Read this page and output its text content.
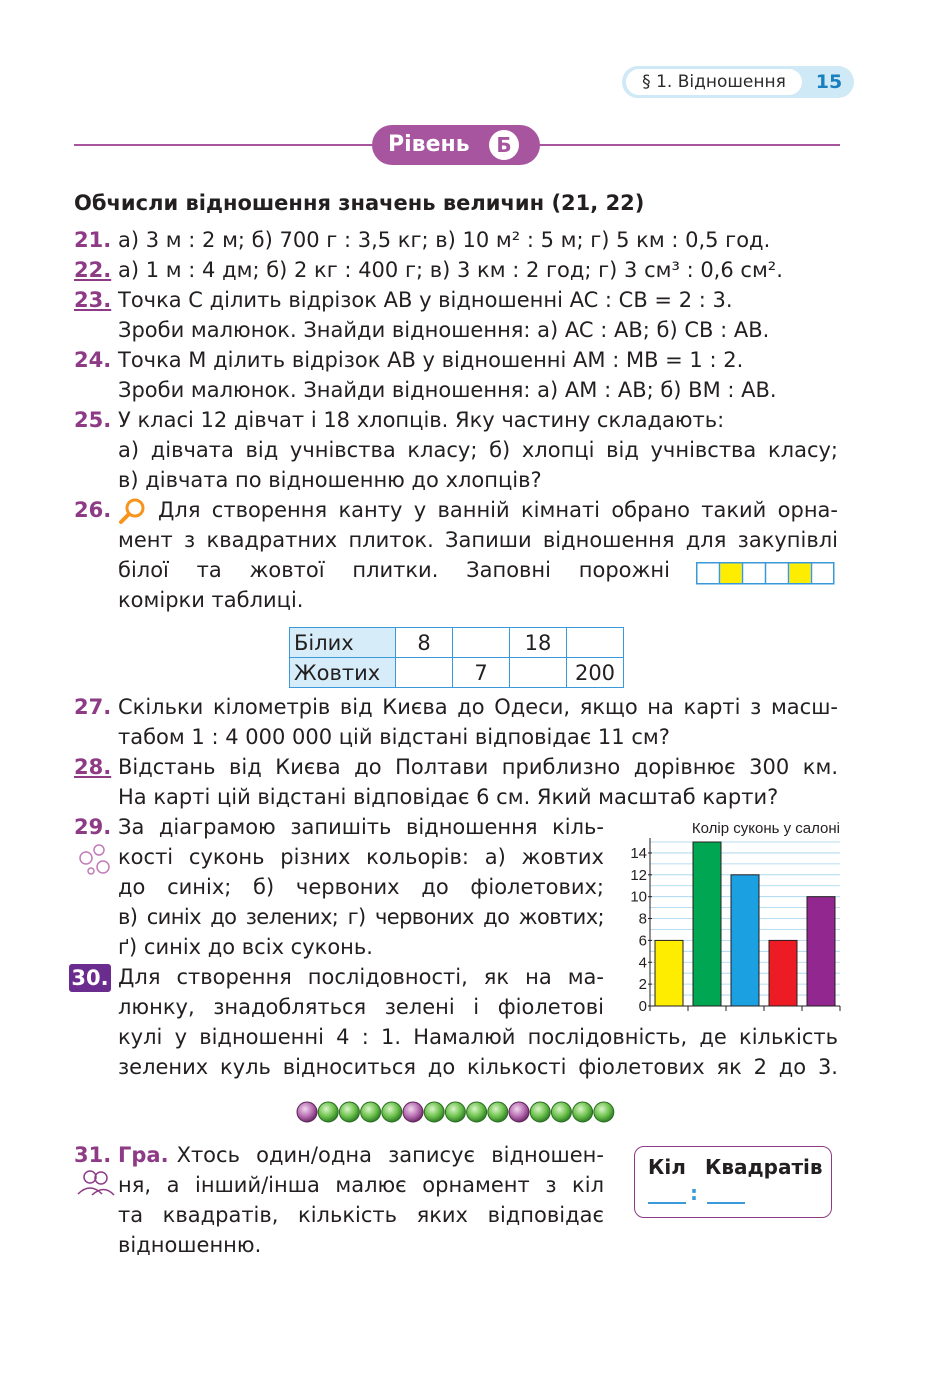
§ 1. Відношення	15
Рівень	Б
Обчисли відношення значень величин (21, 22)
21. а) 3 м : 2 м; б) 700 г : 3,5 кг; в) 10 м² : 5 м; г) 5 км : 0,5 год.
22. а) 1 м : 4 дм; б) 2 кг : 400 г; в) 3 км : 2 год; г) 3 см³ : 0,6 см².
23. Точка C ділить відрізок AB у відношенні AC : CB = 2 : 3.
Зроби малюнок. Знайди відношення: а) AC : AB; б) CB : AB.
24. Точка M ділить відрізок AB у відношенні AM : MB = 1 : 2.
Зроби малюнок. Знайди відношення: а) AM : AB; б) BM : AB.
25. У класі 12 дівчат і 18 хлопців. Яку частину складають:
а) дівчата від учнівства класу; б) хлопці від учнівства класу;
в) дівчата по відношенню до хлопців?
26.	Для створення канту у ванній кімнаті обрано такий орна-
мент з квадратних плиток. Запиши відношення для закупівлі
білої та жовтої плитки. Заповні порожні
комірки таблиці.
Білих	8		18	
Жовтих		7		200
27. Скільки кілометрів від Києва до Одеси, якщо на карті з масш-
табом 1 : 4 000 000 цій відстані відповідає 11 см?
28. Відстань від Києва до Полтави приблизно дорівнює 300 км.
На карті цій відстані відповідає 6 см. Який масштаб карти?
29. За діаграмою запишіть відношення кіль-
кості суконь різних кольорів: а) жовтих
до синіх; б) червоних до фіолетових;
в) синіх до зелених; г) червоних до жовтих;
ґ) синіх до всіх суконь.
Колір суконь у салоні
0
2
4
6
8
10
12
14
30. Для створення послідовності, як на ма-
люнку, знадобляться зелені і фіолетові
кулі у відношенні 4 : 1. Намалюй послідовність, де кількість
зелених куль відноситься до кількості фіолетових як 2 до 3.
31. Гра. Хтось один/одна записує відношен-
ня, а інший/інша малює орнамент з кіл
та квадратів, кількість яких відповідає
відношенню.
Кіл Квадратів
:
